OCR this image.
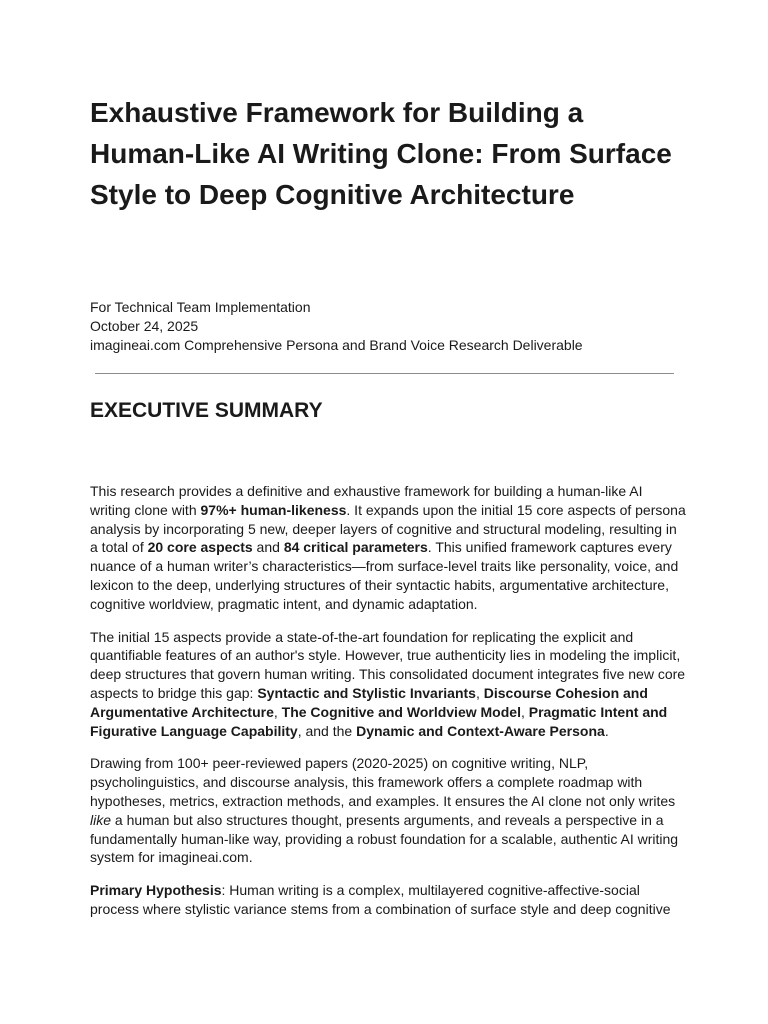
Exhaustive Framework for Building a Human-Like AI Writing Clone: From Surface Style to Deep Cognitive Architecture
For Technical Team Implementation
October 24, 2025
imagineai.com Comprehensive Persona and Brand Voice Research Deliverable
EXECUTIVE SUMMARY

This research provides a definitive and exhaustive framework for building a human-like AI
writing clone with 97%+ human-likeness. It expands upon the initial 15 core aspects of persona
analysis by incorporating 5 new, deeper layers of cognitive and structural modeling, resulting in
a total of 20 core aspects and 84 critical parameters. This unified framework captures every
nuance of a human writer’s characteristics—from surface-level traits like personality, voice, and
lexicon to the deep, underlying structures of their syntactic habits, argumentative architecture,
cognitive worldview, pragmatic intent, and dynamic adaptation.

The initial 15 aspects provide a state-of-the-art foundation for replicating the explicit and
quantifiable features of an author's style. However, true authenticity lies in modeling the implicit,
deep structures that govern human writing. This consolidated document integrates five new core
aspects to bridge this gap: Syntactic and Stylistic Invariants, Discourse Cohesion and
Argumentative Architecture, The Cognitive and Worldview Model, Pragmatic Intent and
Figurative Language Capability, and the Dynamic and Context-Aware Persona.

Drawing from 100+ peer-reviewed papers (2020-2025) on cognitive writing, NLP,
psycholinguistics, and discourse analysis, this framework offers a complete roadmap with
hypotheses, metrics, extraction methods, and examples. It ensures the AI clone not only writes
like a human but also structures thought, presents arguments, and reveals a perspective in a
fundamentally human-like way, providing a robust foundation for a scalable, authentic AI writing
system for imagineai.com.

Primary Hypothesis: Human writing is a complex, multilayered cognitive-affective-social
process where stylistic variance stems from a combination of surface style and deep cognitive
